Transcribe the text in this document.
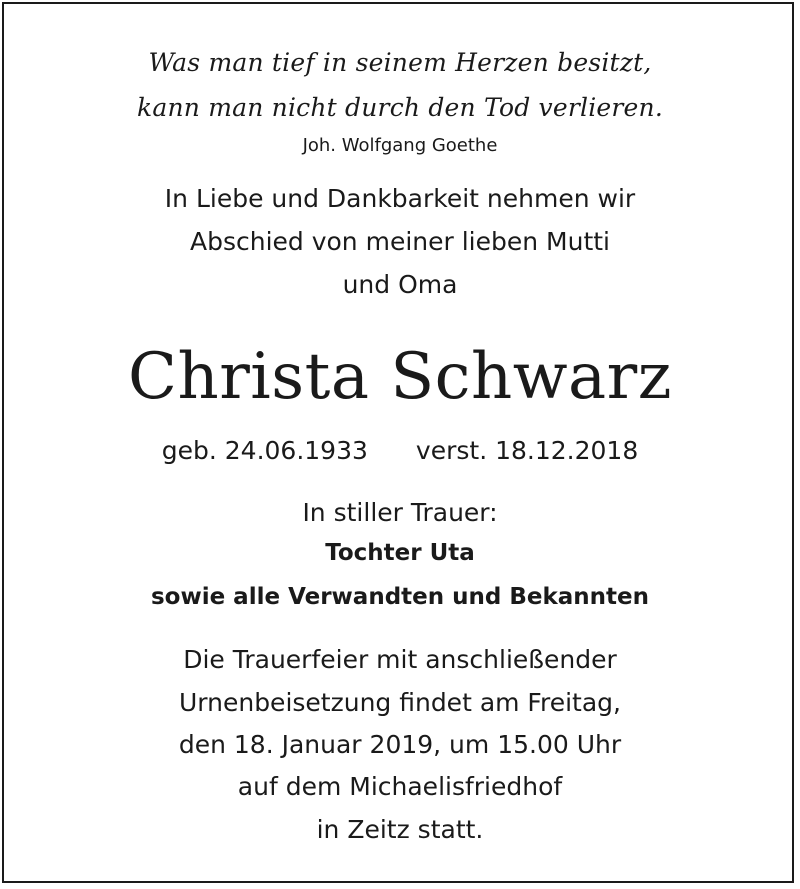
Was man tief in seinem Herzen besitzt,
kann man nicht durch den Tod verlieren.
Joh. Wolfgang Goethe
In Liebe und Dankbarkeit nehmen wir
Abschied von meiner lieben Mutti
und Oma
Christa Schwarz
geb. 24.06.1933 verst. 18.12.2018
In stiller Trauer:
Tochter Uta
sowie alle Verwandten und Bekannten
Die Trauerfeier mit anschließender
Urnenbeisetzung findet am Freitag,
den 18. Januar 2019, um 15.00 Uhr
auf dem Michaelisfriedhof
in Zeitz statt.
